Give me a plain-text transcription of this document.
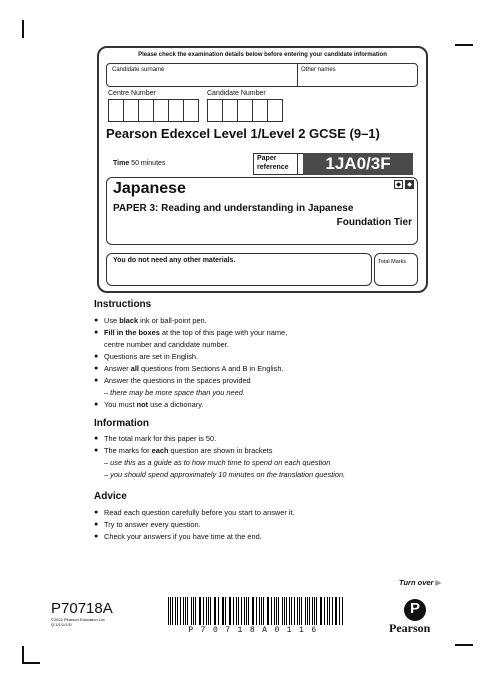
Please check the examination details below before entering your candidate information
Candidate surname	Other names
Centre Number	Candidate Number
Pearson Edexcel Level 1/Level 2 GCSE (9–1)
Time 50 minutes
Paper
reference	1JA0/3F
◆	◆
Japanese
PAPER 3: Reading and understanding in Japanese
Foundation Tier
You do not need any other materials.	Total Marks
Instructions
● Use black ink or ball-point pen.
● Fill in the boxes at the top of this page with your name,
centre number and candidate number.
● Questions are set in English.
● Answer all questions from Sections A and B in English.
● Answer the questions in the spaces provided
– there may be more space than you need.
● You must not use a dictionary.
Information
● The total mark for this paper is 50.
● The marks for each question are shown in brackets
– use this as a guide as to how much time to spend on each question
– you should spend approximately 10 minutes on the translation question.
Advice
● Read each question carefully before you start to answer it.
● Try to answer every question.
● Check your answers if you have time at the end.
Turn over ▶
P70718A
©2022 Pearson Education Ltd.
Q:1/1/1/1/1/
P70718A0116
P
Pearson
